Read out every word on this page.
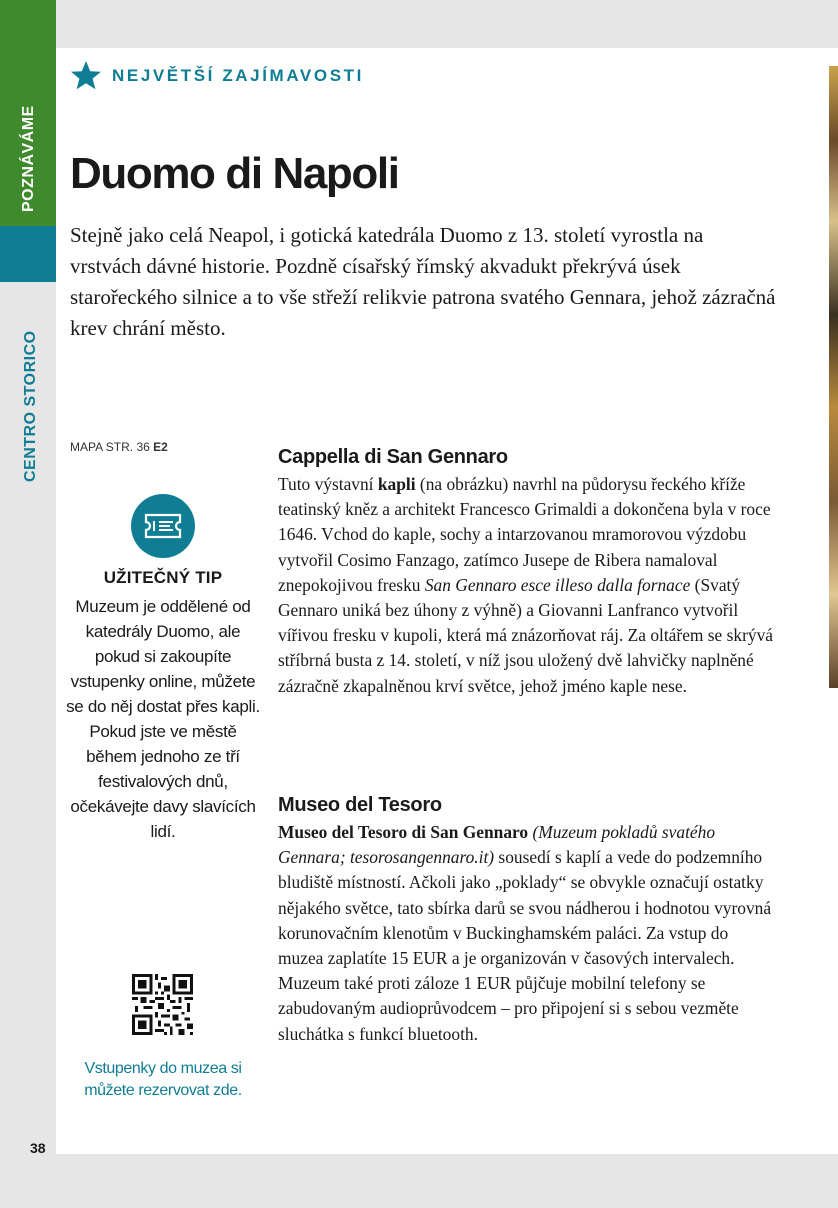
POZNÁVÁME
CENTRO STORICO
NEJVĚTŠÍ ZAJÍMAVOSTI
Duomo di Napoli

Stejně jako celá Neapol, i gotická katedrála Duomo z 13. století vyrostla na vrstvách dávné historie. Pozdně císařský římský akvadukt překrývá úsek starořeckého silnice a to vše střeží relikvie patrona svatého Gennara, jehož zázračná krev chrání město.

MAPA STR. 36 E2
UŽITEČNÝ TIP

Muzeum je oddělené od katedrály Duomo, ale pokud si zakoupíte vstupenky online, můžete se do něj dostat přes kapli. Pokud jste ve městě během jednoho ze tří festivalových dnů, očekávejte davy slavících lidí.

Vstupenky do muzea si můžete rezervovat zde.

Cappella di San Gennaro

Tuto výstavní kapli (na obrázku) navrhl na půdorysu řeckého kříže teatinský kněz a architekt Francesco Grimaldi a dokončena byla v roce 1646. Vchod do kaple, sochy a intarzovanou mramorovou výzdobu vytvořil Cosimo Fanzago, zatímco Jusepe de Ribera namaloval znepokojivou fresku San Gennaro esce illeso dalla fornace (Svatý Gennaro uniká bez úhony z výhně) a Giovanni Lanfranco vytvořil vířivou fresku v kupoli, která má znázorňovat ráj. Za oltářem se skrývá stříbrná busta z 14. století, v níž jsou uložený dvě lahvičky naplněné zázračně zkapalněnou krví světce, jehož jméno kaple nese.

Museo del Tesoro

Museo del Tesoro di San Gennaro (Muzeum pokladů svatého Gennara; tesorosangennaro.it) sousedí s kaplí a vede do podzemního bludiště místností. Ačkoli jako „poklady“ se obvykle označují ostatky nějakého světce, tato sbírka darů se svou nádherou i hodnotou vyrovná korunovačním klenotům v Buckinghamském paláci. Za vstup do muzea zaplatíte 15 EUR a je organizován v časových intervalech. Muzeum také proti záloze 1 EUR půjčuje mobilní telefony se zabudovaným audioprůvodcem – pro připojení si s sebou vezměte sluchátka s funkcí bluetooth.

38
